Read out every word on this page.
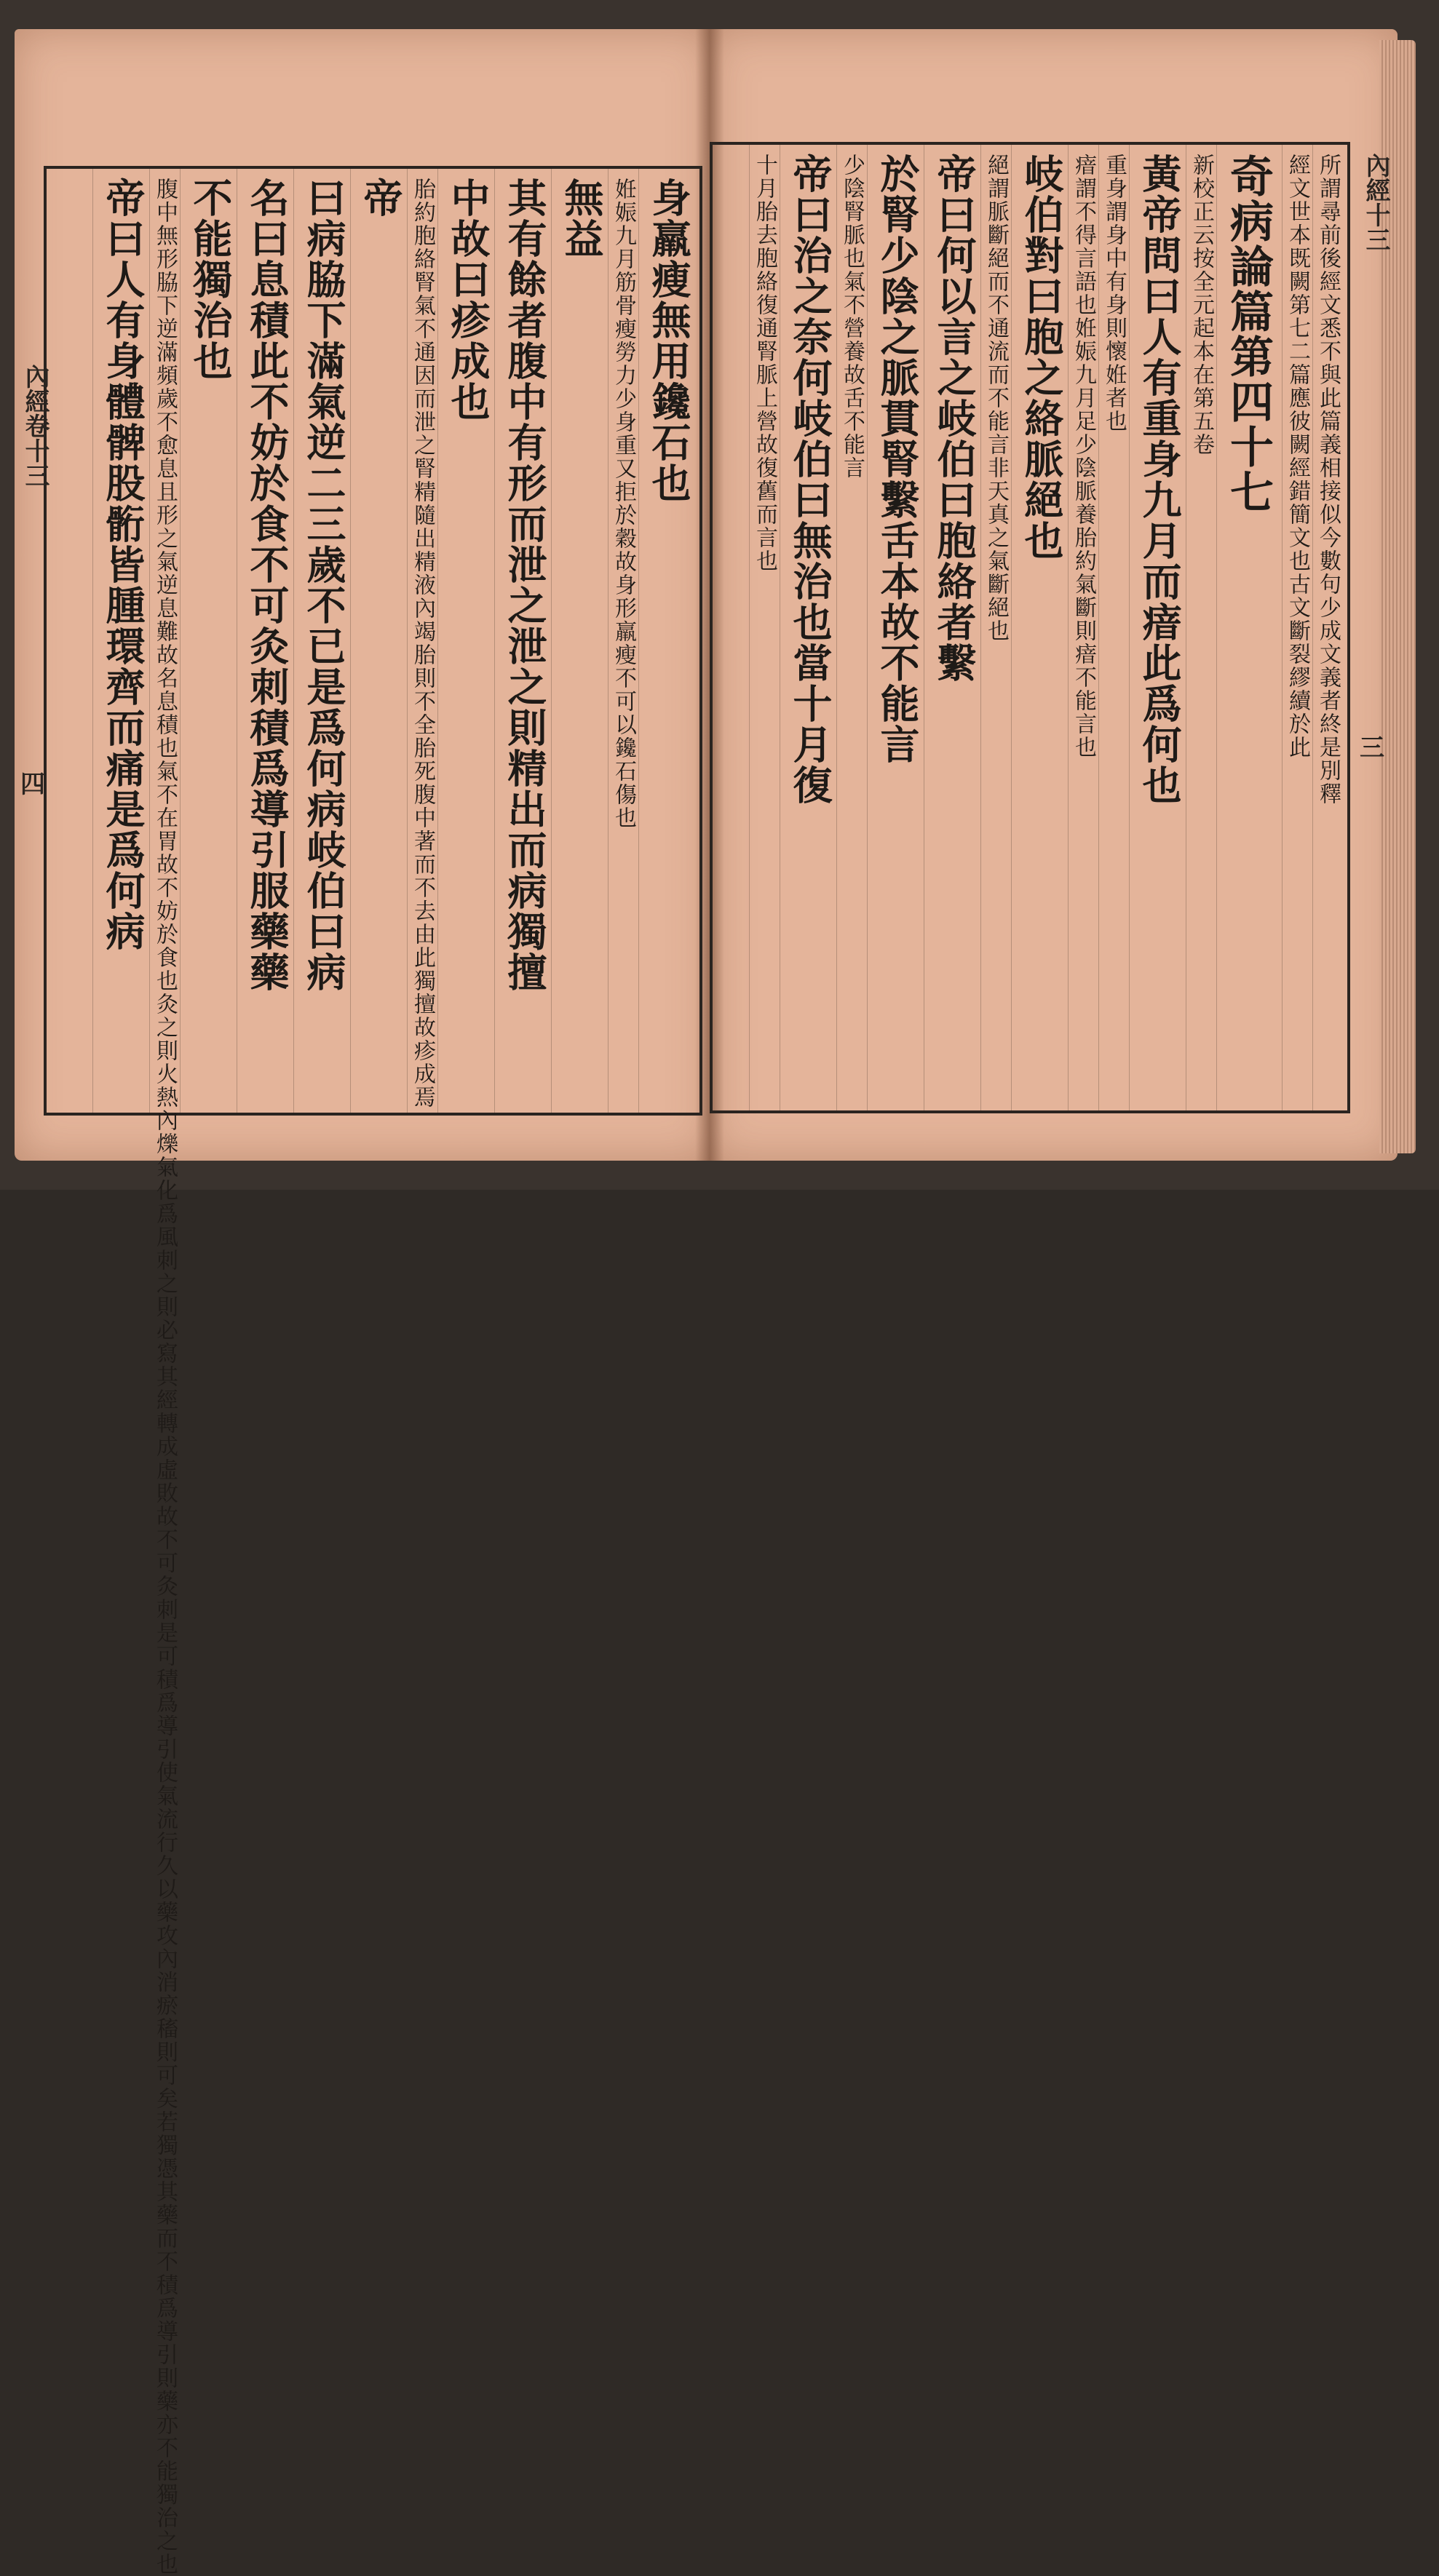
所謂尋前後經文悉不與此篇義相接似今數句少成文義者終是別釋
經文世本既闕第七二篇應彼闕經錯簡文也古文斷裂繆續於此
奇病論篇第四十七
新校正云按全元起本在第五卷
黃帝問曰人有重身九月而瘖此爲何也
重身謂身中有身則懷姙者也
瘖謂不得言語也姙娠九月足少陰脈養胎約氣斷則瘖不能言也
岐伯對曰胞之絡脈絕也
絕謂脈斷絕而不通流而不能言非天真之氣斷絕也
帝曰何以言之岐伯曰胞絡者繫
於腎少陰之脈貫腎繫舌本故不能言
少陰腎脈也氣不營養故舌不能言
帝曰治之奈何岐伯曰無治也當十月復
十月胎去胞絡復通腎脈上營故復舊而言也	內經十三
三
身羸瘦無用鑱石也
姙娠九月筋骨瘦勞力少身重又拒於穀故身形羸瘦不可以鑱石傷也
無益
其有餘者腹中有形而泄之泄之則精出而病獨擅
中故曰疹成也
胎約胞絡腎氣不通因而泄之腎精隨出精液內竭胎則不全胎死腹中著而不去由此獨擅故疹成焉
帝
曰病脇下滿氣逆二三歲不已是爲何病岐伯曰病
名曰息積此不妨於食不可灸刺積爲導引服藥藥
不能獨治也
腹中無形脇下逆滿頻歲不愈息且形之氣逆息難故名息積也氣不在胃故不妨於食也灸之則火熱內爍氣化爲風刺之則必寫其經轉成虛敗故不可灸刺是可積爲導引使氣流行久以藥攻內消瘀稸則可矣若獨憑其藥而不積爲導引則藥亦不能獨治之也
帝曰人有身體髀股䯒皆腫環齊而痛是爲何病
內經卷十三
四
